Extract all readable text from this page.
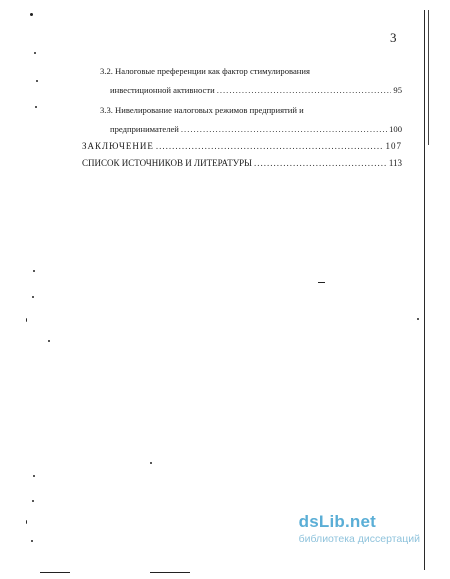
3
3.2. Налоговые преференции как фактор стимулирования
инвестиционной активности .....	95
3.3. Нивелирование налоговых режимов предприятий и
предпринимателей .....	100
ЗАКЛЮЧЕНИЕ .....	107
СПИСОК ИСТОЧНИКОВ И ЛИТЕРАТУРЫ .....	113
dsLib.net
библиотека диссертаций
